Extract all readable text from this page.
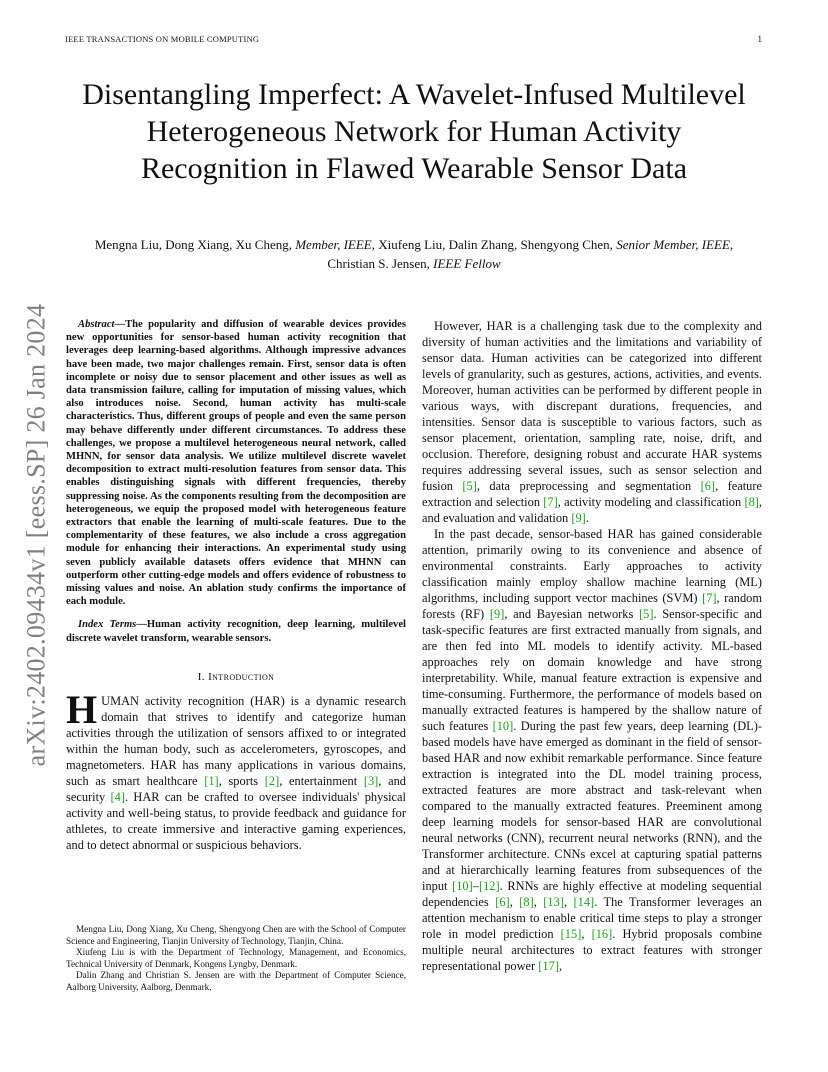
IEEE TRANSACTIONS ON MOBILE COMPUTING	1
arXiv:2402.09434v1 [eess.SP] 26 Jan 2024
Disentangling Imperfect: A Wavelet-Infused Multilevel Heterogeneous Network for Human Activity Recognition in Flawed Wearable Sensor Data
Mengna Liu, Dong Xiang, Xu Cheng, Member, IEEE, Xiufeng Liu, Dalin Zhang, Shengyong Chen, Senior Member, IEEE, Christian S. Jensen, IEEE Fellow

Abstract—The popularity and diffusion of wearable devices provides new opportunities for sensor-based human activity recognition that leverages deep learning-based algorithms. Although impressive advances have been made, two major challenges remain. First, sensor data is often incomplete or noisy due to sensor placement and other issues as well as data transmission failure, calling for imputation of missing values, which also introduces noise. Second, human activity has multi-scale characteristics. Thus, different groups of people and even the same person may behave differently under different circumstances. To address these challenges, we propose a multilevel heterogeneous neural network, called MHNN, for sensor data analysis. We utilize multilevel discrete wavelet decomposition to extract multi-resolution features from sensor data. This enables distinguishing signals with different frequencies, thereby suppressing noise. As the components resulting from the decomposition are heterogeneous, we equip the proposed model with heterogeneous feature extractors that enable the learning of multi-scale features. Due to the complementarity of these features, we also include a cross aggregation module for enhancing their interactions. An experimental study using seven publicly available datasets offers evidence that MHNN can outperform other cutting-edge models and offers evidence of robustness to missing values and noise. An ablation study confirms the importance of each module.

Index Terms—Human activity recognition, deep learning, multilevel discrete wavelet transform, wearable sensors.

I. Introduction

HUMAN activity recognition (HAR) is a dynamic research domain that strives to identify and categorize human activities through the utilization of sensors affixed to or integrated within the human body, such as accelerometers, gyroscopes, and magnetometers. HAR has many applications in various domains, such as smart healthcare [1], sports [2], entertainment [3], and security [4]. HAR can be crafted to oversee individuals' physical activity and well-being status, to provide feedback and guidance for athletes, to create immersive and interactive gaming experiences, and to detect abnormal or suspicious behaviors.

Mengna Liu, Dong Xiang, Xu Cheng, Shengyong Chen are with the School of Computer Science and Engineering, Tianjin University of Technology, Tianjin, China.

Xiufeng Liu is with the Department of Technology, Management, and Economics, Technical University of Denmark, Kongens Lyngby, Denmark.

Dalin Zhang and Christian S. Jensen are with the Department of Computer Science, Aalborg University, Aalborg, Denmark.

However, HAR is a challenging task due to the complexity and diversity of human activities and the limitations and variability of sensor data. Human activities can be categorized into different levels of granularity, such as gestures, actions, activities, and events. Moreover, human activities can be performed by different people in various ways, with discrepant durations, frequencies, and intensities. Sensor data is susceptible to various factors, such as sensor placement, orientation, sampling rate, noise, drift, and occlusion. Therefore, designing robust and accurate HAR systems requires addressing several issues, such as sensor selection and fusion [5], data preprocessing and segmentation [6], feature extraction and selection [7], activity modeling and classification [8], and evaluation and validation [9].

In the past decade, sensor-based HAR has gained considerable attention, primarily owing to its convenience and absence of environmental constraints. Early approaches to activity classification mainly employ shallow machine learning (ML) algorithms, including support vector machines (SVM) [7], random forests (RF) [9], and Bayesian networks [5]. Sensor-specific and task-specific features are first extracted manually from signals, and are then fed into ML models to identify activity. ML-based approaches rely on domain knowledge and have strong interpretability. While, manual feature extraction is expensive and time-consuming. Furthermore, the performance of models based on manually extracted features is hampered by the shallow nature of such features [10]. During the past few years, deep learning (DL)-based models have have emerged as dominant in the field of sensor-based HAR and now exhibit remarkable performance. Since feature extraction is integrated into the DL model training process, extracted features are more abstract and task-relevant when compared to the manually extracted features. Preeminent among deep learning models for sensor-based HAR are convolutional neural networks (CNN), recurrent neural networks (RNN), and the Transformer architecture. CNNs excel at capturing spatial patterns and at hierarchically learning features from subsequences of the input [10]–[12]. RNNs are highly effective at modeling sequential dependencies [6], [8], [13], [14]. The Transformer leverages an attention mechanism to enable critical time steps to play a stronger role in model prediction [15], [16]. Hybrid proposals combine multiple neural architectures to extract features with stronger representational power [17],
